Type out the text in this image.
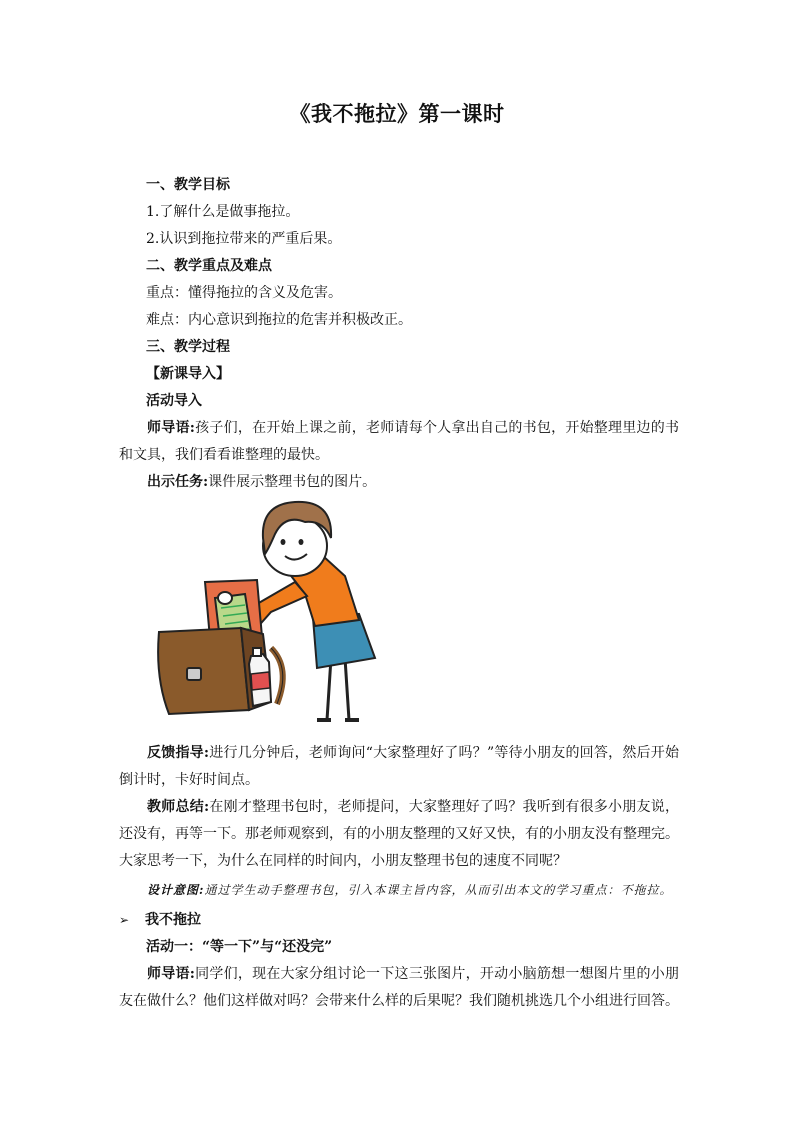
《我不拖拉》第一课时

一、教学目标

1.了解什么是做事拖拉。

2.认识到拖拉带来的严重后果。

二、教学重点及难点

重点：懂得拖拉的含义及危害。

难点：内心意识到拖拉的危害并积极改正。

三、教学过程

【新课导入】

活动导入

师导语:孩子们，在开始上课之前，老师请每个人拿出自己的书包，开始整理里边的书和文具，我们看看谁整理的最快。

出示任务:课件展示整理书包的图片。

反馈指导:进行几分钟后，老师询问“大家整理好了吗？”等待小朋友的回答，然后开始倒计时，卡好时间点。

教师总结:在刚才整理书包时，老师提问，大家整理好了吗？我听到有很多小朋友说，还没有，再等一下。那老师观察到，有的小朋友整理的又好又快，有的小朋友没有整理完。大家思考一下，为什么在同样的时间内，小朋友整理书包的速度不同呢？

设计意图:通过学生动手整理书包，引入本课主旨内容，从而引出本文的学习重点：不拖拉。

➢ 我不拖拉

活动一：“等一下”与“还没完”

师导语:同学们，现在大家分组讨论一下这三张图片，开动小脑筋想一想图片里的小朋友在做什么？他们这样做对吗？会带来什么样的后果呢？我们随机挑选几个小组进行回答。
